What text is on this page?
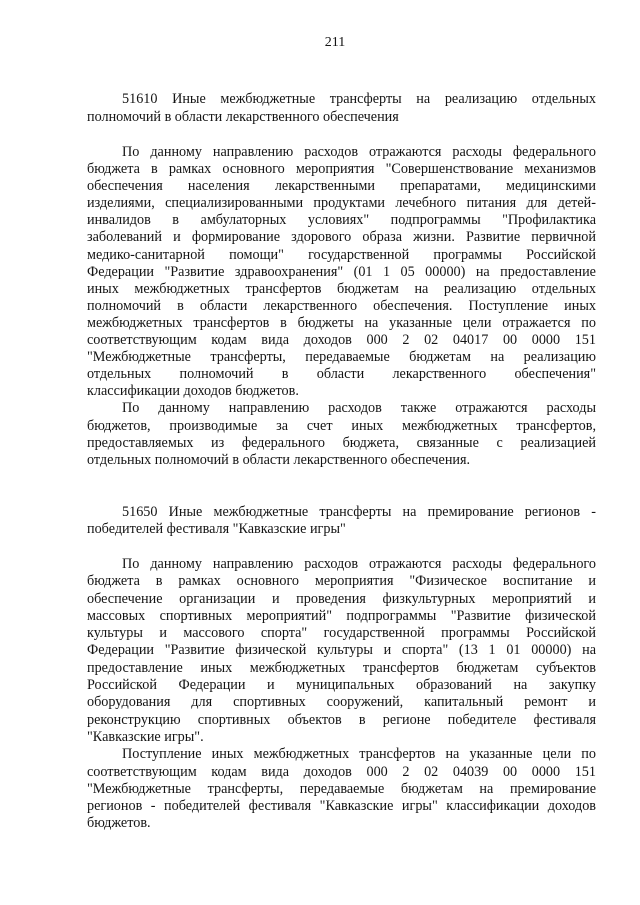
211
51610 Иные межбюджетные трансферты на реализацию отдельных
полномочий в области лекарственного обеспечения
По данному направлению расходов отражаются расходы федерального
бюджета в рамках основного мероприятия "Совершенствование механизмов
обеспечения населения лекарственными препаратами, медицинскими
изделиями, специализированными продуктами лечебного питания для детей-
инвалидов в амбулаторных условиях" подпрограммы "Профилактика
заболеваний и формирование здорового образа жизни. Развитие первичной
медико-санитарной помощи" государственной программы Российской
Федерации "Развитие здравоохранения" (01 1 05 00000) на предоставление
иных межбюджетных трансфертов бюджетам на реализацию отдельных
полномочий в области лекарственного обеспечения. Поступление иных
межбюджетных трансфертов в бюджеты на указанные цели отражается по
соответствующим кодам вида доходов 000 2 02 04017 00 0000 151
"Межбюджетные трансферты, передаваемые бюджетам на реализацию
отдельных полномочий в области лекарственного обеспечения"
классификации доходов бюджетов.
По данному направлению расходов также отражаются расходы
бюджетов, производимые за счет иных межбюджетных трансфертов,
предоставляемых из федерального бюджета, связанные с реализацией
отдельных полномочий в области лекарственного обеспечения.
51650 Иные межбюджетные трансферты на премирование регионов -
победителей фестиваля "Кавказские игры"
По данному направлению расходов отражаются расходы федерального
бюджета в рамках основного мероприятия "Физическое воспитание и
обеспечение организации и проведения физкультурных мероприятий и
массовых спортивных мероприятий" подпрограммы "Развитие физической
культуры и массового спорта" государственной программы Российской
Федерации "Развитие физической культуры и спорта" (13 1 01 00000) на
предоставление иных межбюджетных трансфертов бюджетам субъектов
Российской Федерации и муниципальных образований на закупку
оборудования для спортивных сооружений, капитальный ремонт и
реконструкцию спортивных объектов в регионе победителе фестиваля
"Кавказские игры".
Поступление иных межбюджетных трансфертов на указанные цели по
соответствующим кодам вида доходов 000 2 02 04039 00 0000 151
"Межбюджетные трансферты, передаваемые бюджетам на премирование
регионов - победителей фестиваля "Кавказские игры" классификации доходов
бюджетов.
